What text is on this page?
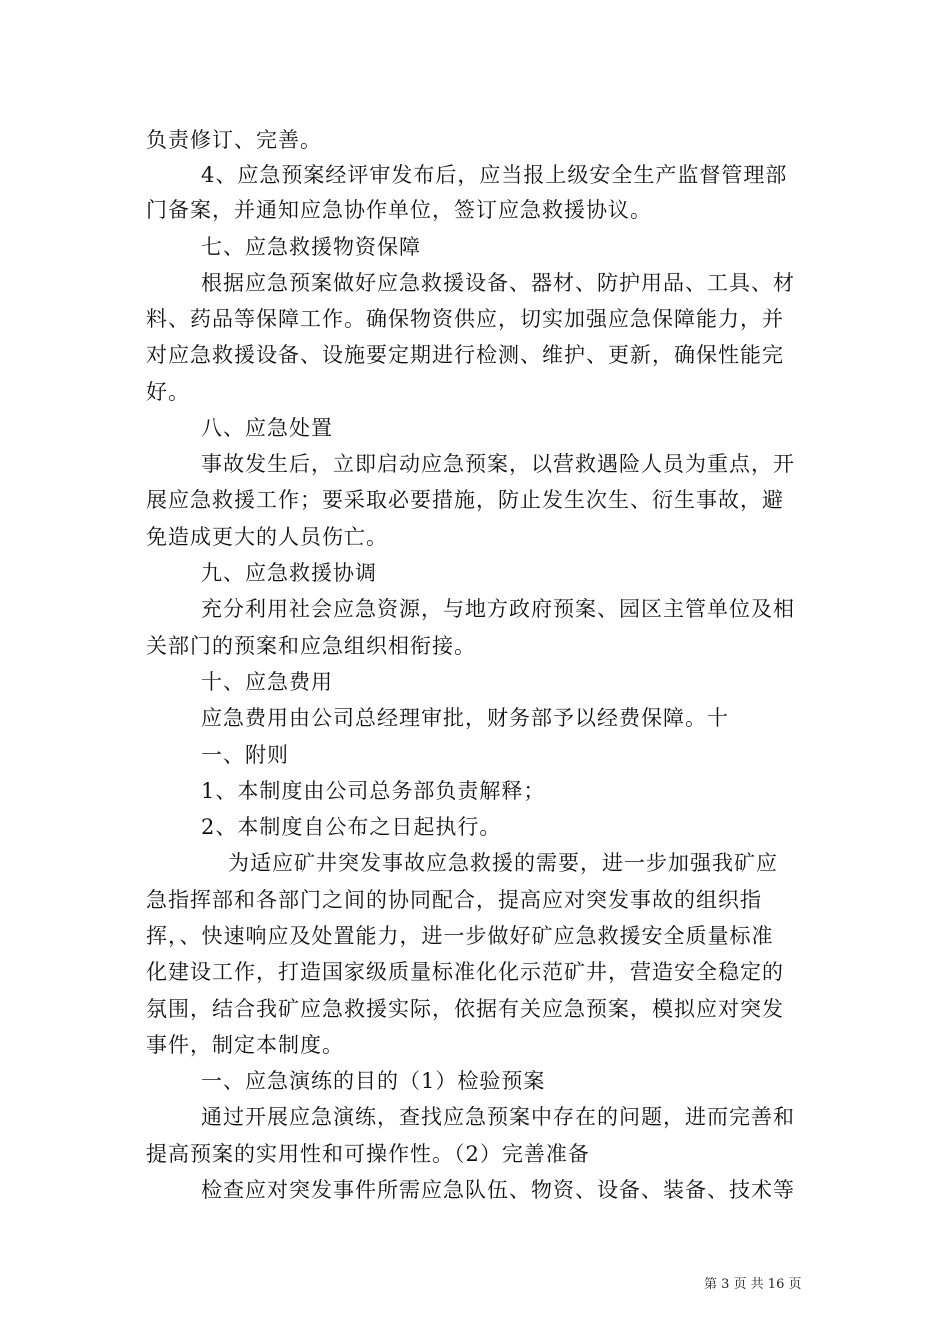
负责修订、完善。
4、应急预案经评审发布后，应当报上级安全生产监督管理部
门备案，并通知应急协作单位，签订应急救援协议。
七、应急救援物资保障
根据应急预案做好应急救援设备、器材、防护用品、工具、材
料、药品等保障工作。确保物资供应，切实加强应急保障能力，并
对应急救援设备、设施要定期进行检测、维护、更新，确保性能完
好。
八、应急处置
事故发生后，立即启动应急预案，以营救遇险人员为重点，开
展应急救援工作；要采取必要措施，防止发生次生、衍生事故，避
免造成更大的人员伤亡。
九、应急救援协调
充分利用社会应急资源，与地方政府预案、园区主管单位及相
关部门的预案和应急组织相衔接。
十、应急费用
应急费用由公司总经理审批，财务部予以经费保障。十
一、附则
1、本制度由公司总务部负责解释；
2、本制度自公布之日起执行。
为适应矿井突发事故应急救援的需要，进一步加强我矿应
急指挥部和各部门之间的协同配合，提高应对突发事故的组织指
挥，、快速响应及处置能力，进一步做好矿应急救援安全质量标准
化建设工作，打造国家级质量标准化化示范矿井，营造安全稳定的
氛围，结合我矿应急救援实际，依据有关应急预案，模拟应对突发
事件，制定本制度。
一、应急演练的目的（1）检验预案
通过开展应急演练，查找应急预案中存在的问题，进而完善和
提高预案的实用性和可操作性。（2）完善准备
检查应对突发事件所需应急队伍、物资、设备、装备、技术等
第 3 页 共 16 页
